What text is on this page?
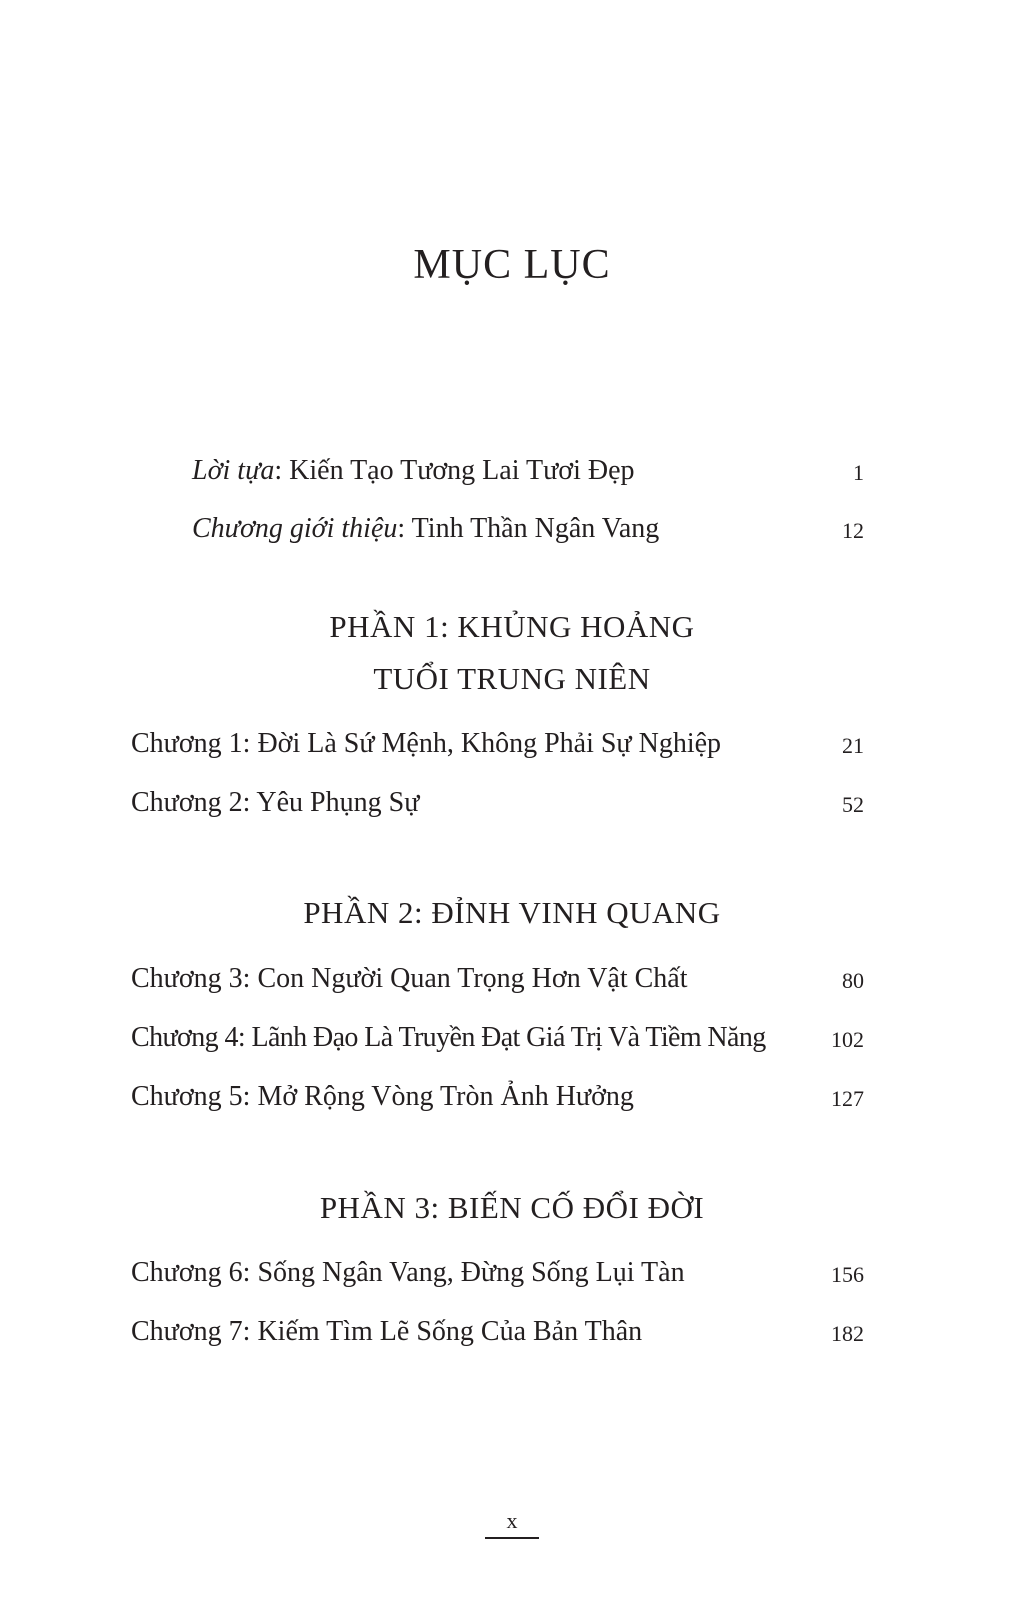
MỤC LỤC
Lời tựa: Kiến Tạo Tương Lai Tươi Đẹp	1
Chương giới thiệu: Tinh Thần Ngân Vang	12
PHẦN 1: KHỦNG HOẢNG
TUỔI TRUNG NIÊN
Chương 1: Đời Là Sứ Mệnh, Không Phải Sự Nghiệp	21
Chương 2: Yêu Phụng Sự	52
PHẦN 2: ĐỈNH VINH QUANG
Chương 3: Con Người Quan Trọng Hơn Vật Chất	80
Chương 4: Lãnh Đạo Là Truyền Đạt Giá Trị Và Tiềm Năng	102
Chương 5: Mở Rộng Vòng Tròn Ảnh Hưởng	127
PHẦN 3: BIẾN CỐ ĐỔI ĐỜI
Chương 6: Sống Ngân Vang, Đừng Sống Lụi Tàn	156
Chương 7: Kiếm Tìm Lẽ Sống Của Bản Thân	182
x
